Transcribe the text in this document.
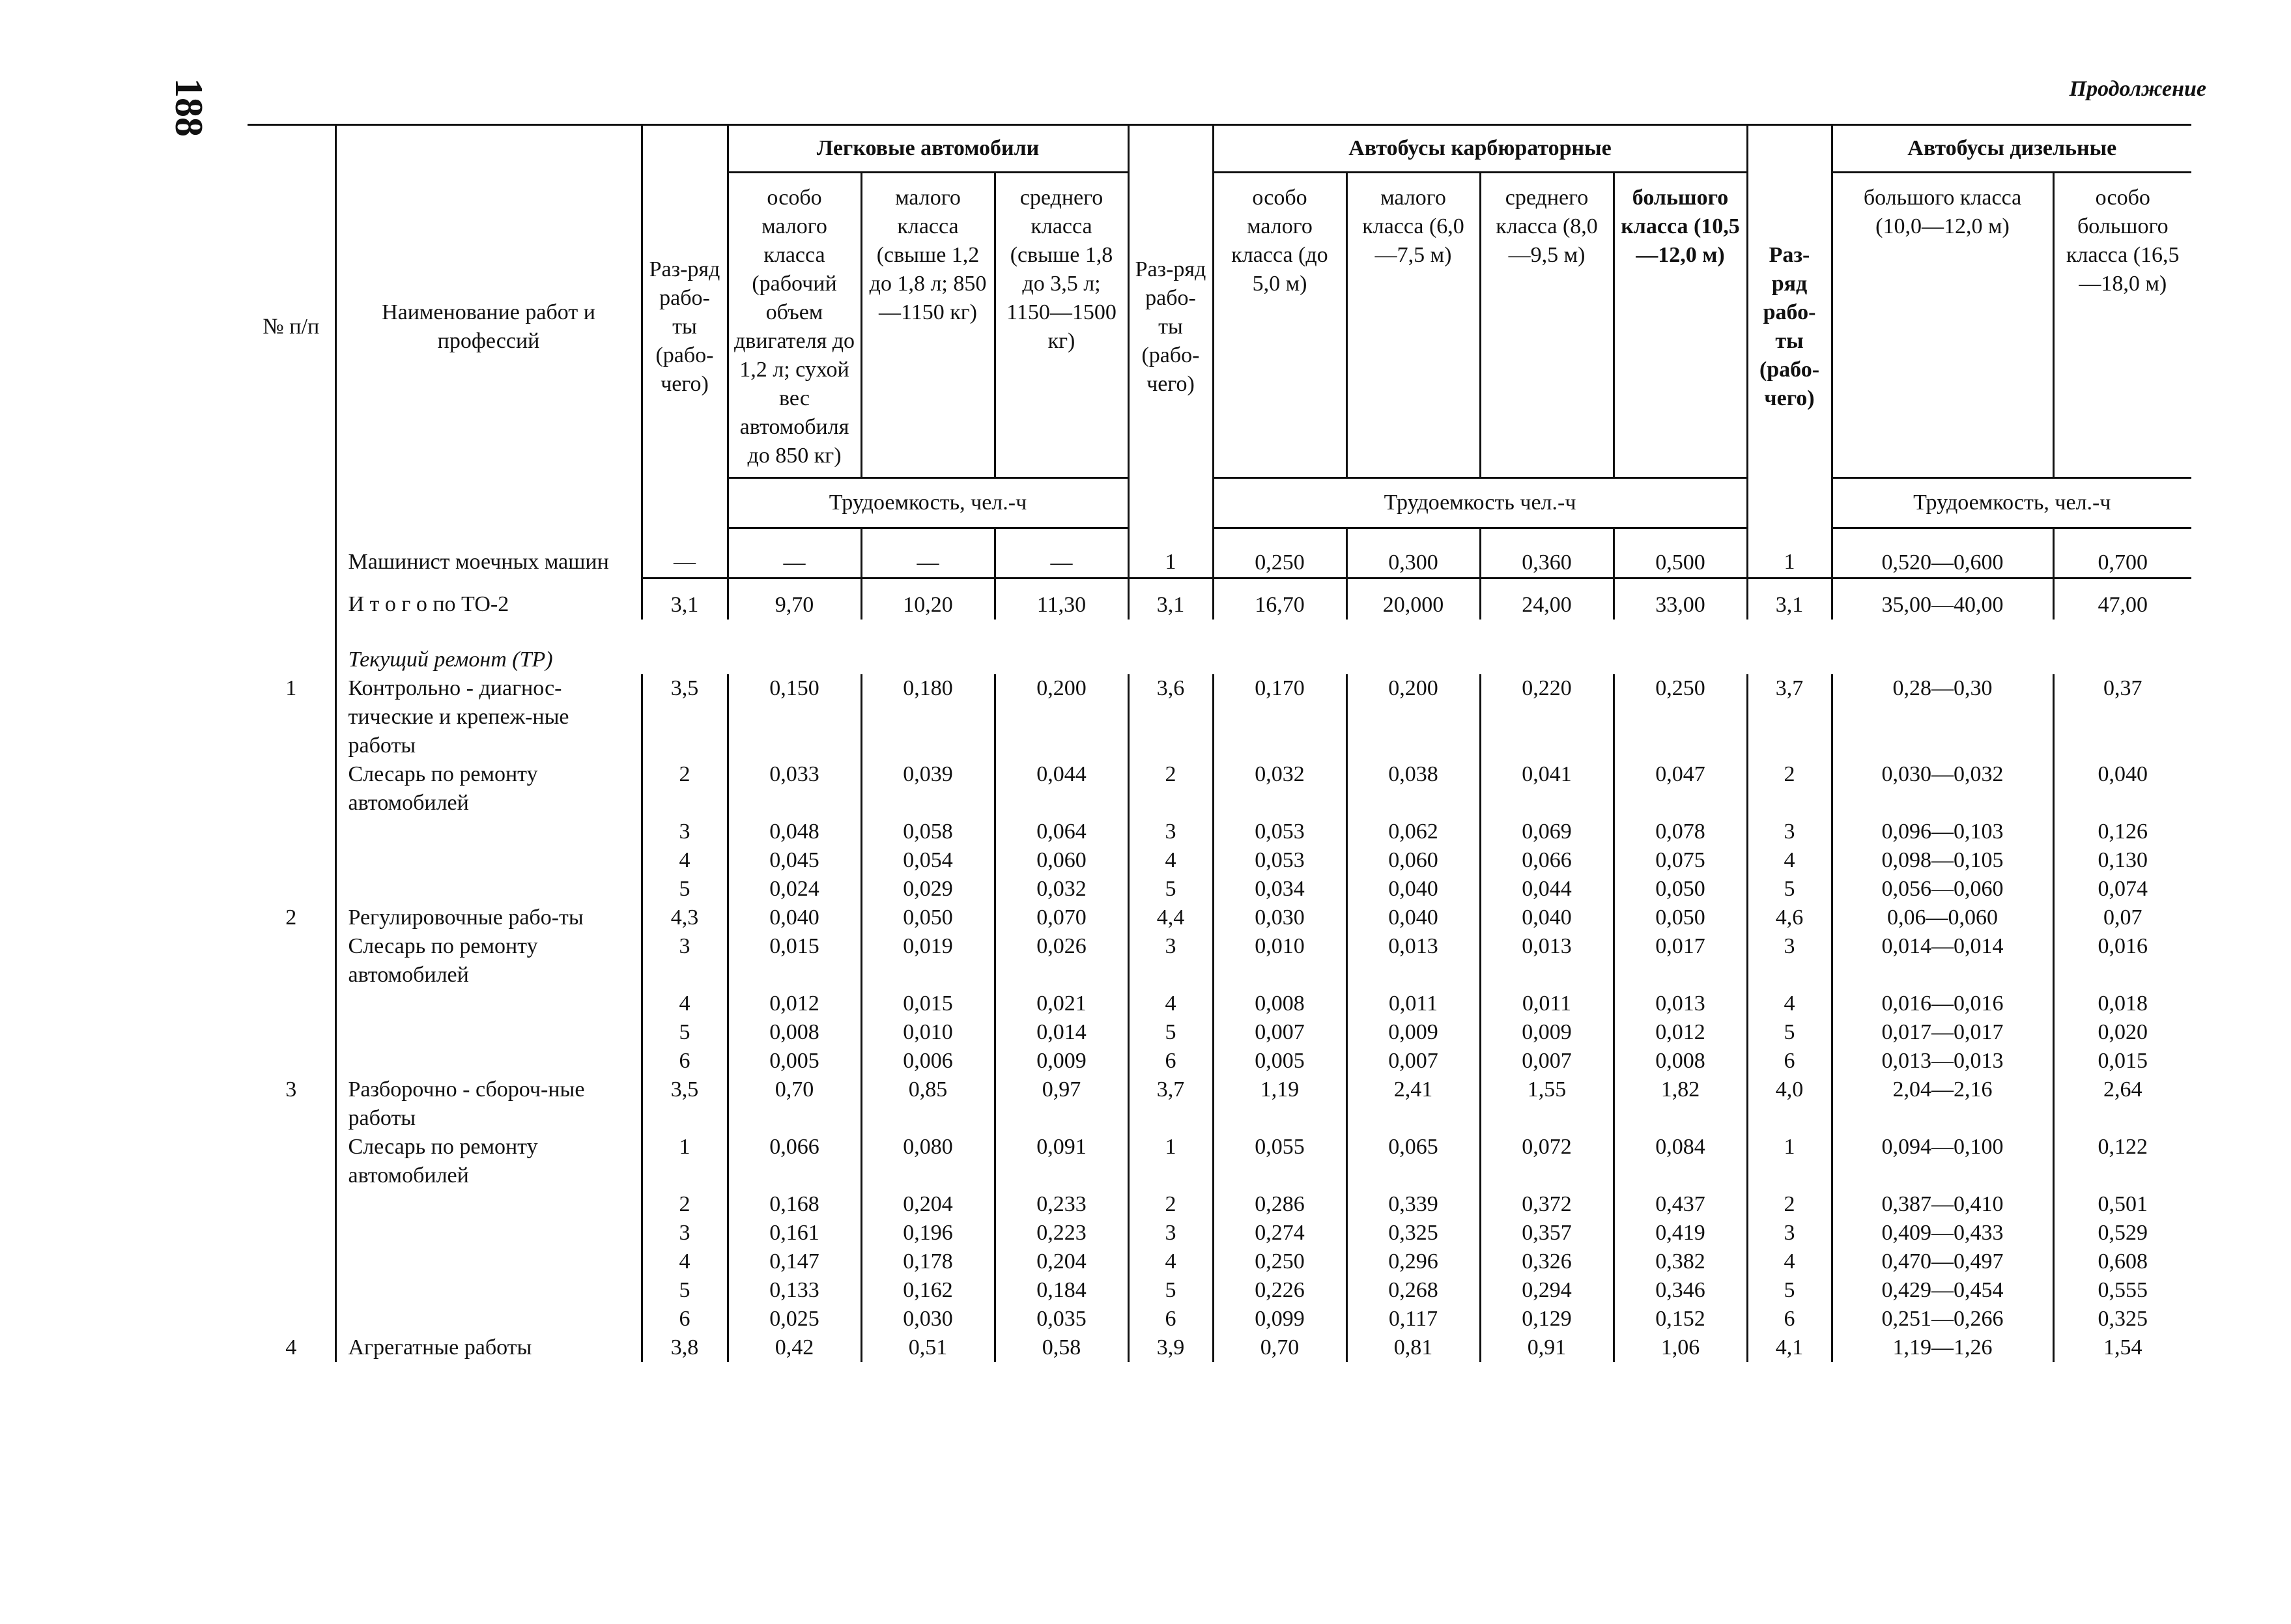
188	Продолжение
№ п/п	Наименование работ и профессий	Раз-ряд рабо-ты (рабо-чего)	Легковые автомобили			Раз-ряд рабо-ты (рабо-чего)	Автобусы карбюраторные				Раз-ряд рабо-ты (рабо-чего)	Автобусы дизельные	
			особо малого класса (рабочий объем двигателя до 1,2 л; сухой вес автомобиля до 850 кг)	малого класса (свыше 1,2 до 1,8 л; 850—1150 кг)	среднего класса (свыше 1,8 до 3,5 л; 1150—1500 кг)		особо малого класса (до 5,0 м)	малого класса (6,0—7,5 м)	среднего класса (8,0—9,5 м)	большого класса (10,5—12,0 м)		большого класса (10,0—12,0 м)	особо большого класса (16,5—18,0 м)
			Трудоемкость, чел.-ч				Трудоемкость чел.-ч					Трудоемкость, чел.-ч	
	Машинист моечных машин	—	—	—	—	1	0,250	0,300	0,360	0,500	1	0,520—0,600	0,700
	И т о г о по ТО-2	3,1	9,70	10,20	11,30	3,1	16,70	20,000	24,00	33,00	3,1	35,00—40,00	47,00
	Текущий ремонт (ТР)												
1	Контрольно - диагнос-тические и крепеж-ные работы	3,5	0,150	0,180	0,200	3,6	0,170	0,200	0,220	0,250	3,7	0,28—0,30	0,37
	Слесарь по ремонту автомобилей	2	0,033	0,039	0,044	2	0,032	0,038	0,041	0,047	2	0,030—0,032	0,040
		3	0,048	0,058	0,064	3	0,053	0,062	0,069	0,078	3	0,096—0,103	0,126
		4	0,045	0,054	0,060	4	0,053	0,060	0,066	0,075	4	0,098—0,105	0,130
		5	0,024	0,029	0,032	5	0,034	0,040	0,044	0,050	5	0,056—0,060	0,074
2	Регулировочные рабо-ты	4,3	0,040	0,050	0,070	4,4	0,030	0,040	0,040	0,050	4,6	0,06—0,060	0,07
	Слесарь по ремонту автомобилей	3	0,015	0,019	0,026	3	0,010	0,013	0,013	0,017	3	0,014—0,014	0,016
		4	0,012	0,015	0,021	4	0,008	0,011	0,011	0,013	4	0,016—0,016	0,018
		5	0,008	0,010	0,014	5	0,007	0,009	0,009	0,012	5	0,017—0,017	0,020
		6	0,005	0,006	0,009	6	0,005	0,007	0,007	0,008	6	0,013—0,013	0,015
3	Разборочно - сбороч-ные работы	3,5	0,70	0,85	0,97	3,7	1,19	2,41	1,55	1,82	4,0	2,04—2,16	2,64
	Слесарь по ремонту автомобилей	1	0,066	0,080	0,091	1	0,055	0,065	0,072	0,084	1	0,094—0,100	0,122
		2	0,168	0,204	0,233	2	0,286	0,339	0,372	0,437	2	0,387—0,410	0,501
		3	0,161	0,196	0,223	3	0,274	0,325	0,357	0,419	3	0,409—0,433	0,529
		4	0,147	0,178	0,204	4	0,250	0,296	0,326	0,382	4	0,470—0,497	0,608
		5	0,133	0,162	0,184	5	0,226	0,268	0,294	0,346	5	0,429—0,454	0,555
		6	0,025	0,030	0,035	6	0,099	0,117	0,129	0,152	6	0,251—0,266	0,325
4	Агрегатные работы	3,8	0,42	0,51	0,58	3,9	0,70	0,81	0,91	1,06	4,1	1,19—1,26	1,54
